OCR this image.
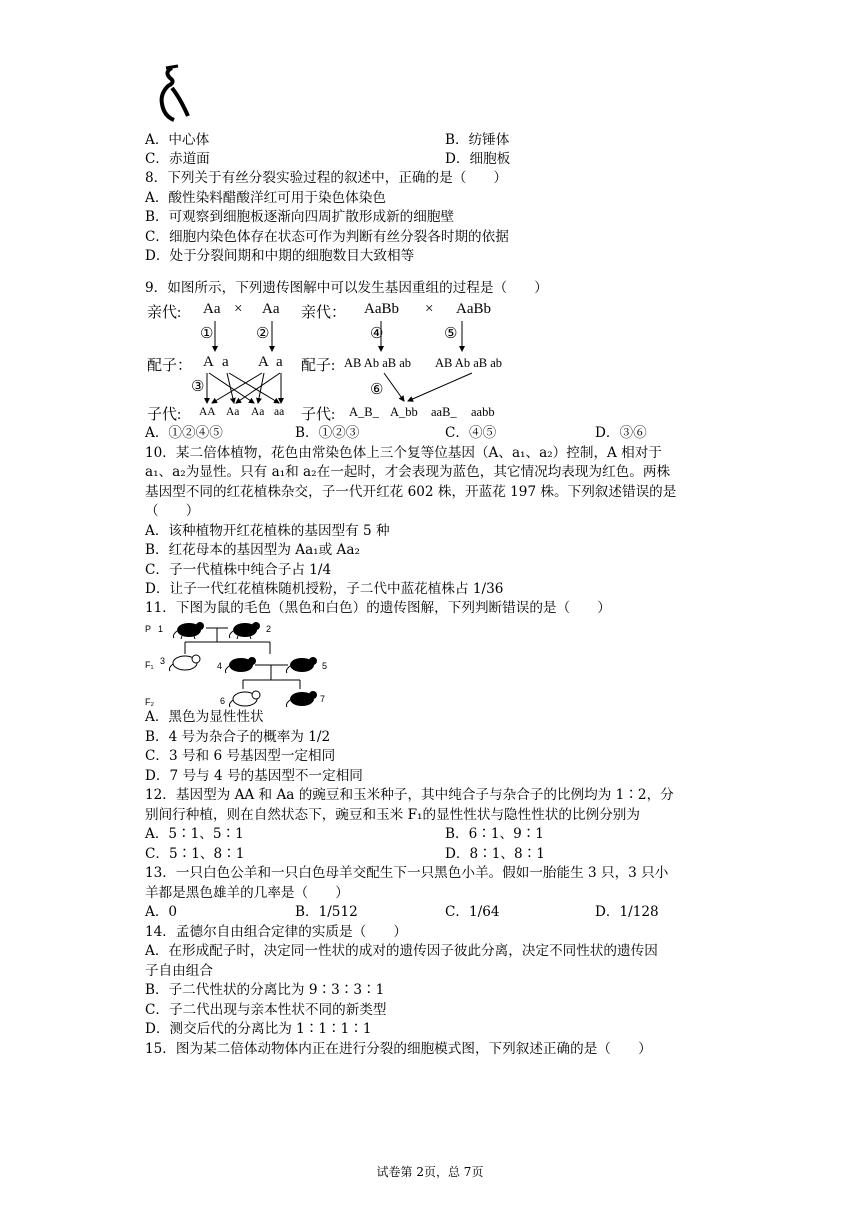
A．中心体	B．纺锤体
C．赤道面	D．细胞板
8．下列关于有丝分裂实验过程的叙述中，正确的是（　　）
A．酸性染料醋酸洋红可用于染色体染色
B．可观察到细胞板逐渐向四周扩散形成新的细胞壁
C．细胞内染色体存在状态可作为判断有丝分裂各时期的依据
D．处于分裂间期和中期的细胞数目大致相等
9．如图所示，下列遗传图解中可以发生基因重组的过程是（　　）
亲代: Aa × Aa 亲代： AaBb × AaBb
①	②	④	⑤
配子： A a A a 配子: AB Ab aB ab AB Ab aB ab
③	⑥
子代: AA Aa Aa aa 子代: A_B_ A_bb aaB_ aabb
A．①②④⑤	B．①②③	C．④⑤	D．③⑥
10．某二倍体植物，花色由常染色体上三个复等位基因（A、a₁、a₂）控制，A 相对于
a₁、a₂为显性。只有 a₁和 a₂在一起时，才会表现为蓝色，其它情况均表现为红色。两株
基因型不同的红花植株杂交，子一代开红花 602 株，开蓝花 197 株。下列叙述错误的是
（　　）
A．该种植物开红花植株的基因型有 5 种
B．红花母本的基因型为 Aa₁或 Aa₂
C．子一代植株中纯合子占 1/4
D．让子一代红花植株随机授粉，子二代中蓝花植株占 1/36
11．下图为鼠的毛色（黑色和白色）的遗传图解，下列判断错误的是（　　）
P 1	2
F₁ 3	4	5
F₂	6	7
A．黑色为显性性状
B．4 号为杂合子的概率为 1/2
C．3 号和 6 号基因型一定相同
D．7 号与 4 号的基因型不一定相同
12．基因型为 AA 和 Aa 的豌豆和玉米种子，其中纯合子与杂合子的比例均为 1∶2，分
别间行种植，则在自然状态下，豌豆和玉米 F₁的显性性状与隐性性状的比例分别为
A．5∶1、5∶1	B．6∶1、9∶1
C．5∶1、8∶1	D．8∶1、8∶1
13．一只白色公羊和一只白色母羊交配生下一只黑色小羊。假如一胎能生 3 只，3 只小
羊都是黑色雄羊的几率是（　　）
A．0	B．1/512	C．1/64	D．1/128
14．孟德尔自由组合定律的实质是（　　）
A．在形成配子时，决定同一性状的成对的遗传因子彼此分离，决定不同性状的遗传因
子自由组合
B．子二代性状的分离比为 9∶3∶3∶1
C．子二代出现与亲本性状不同的新类型
D．测交后代的分离比为 1∶1∶1∶1
15．图为某二倍体动物体内正在进行分裂的细胞模式图，下列叙述正确的是（　　）
试卷第 2页，总 7页
